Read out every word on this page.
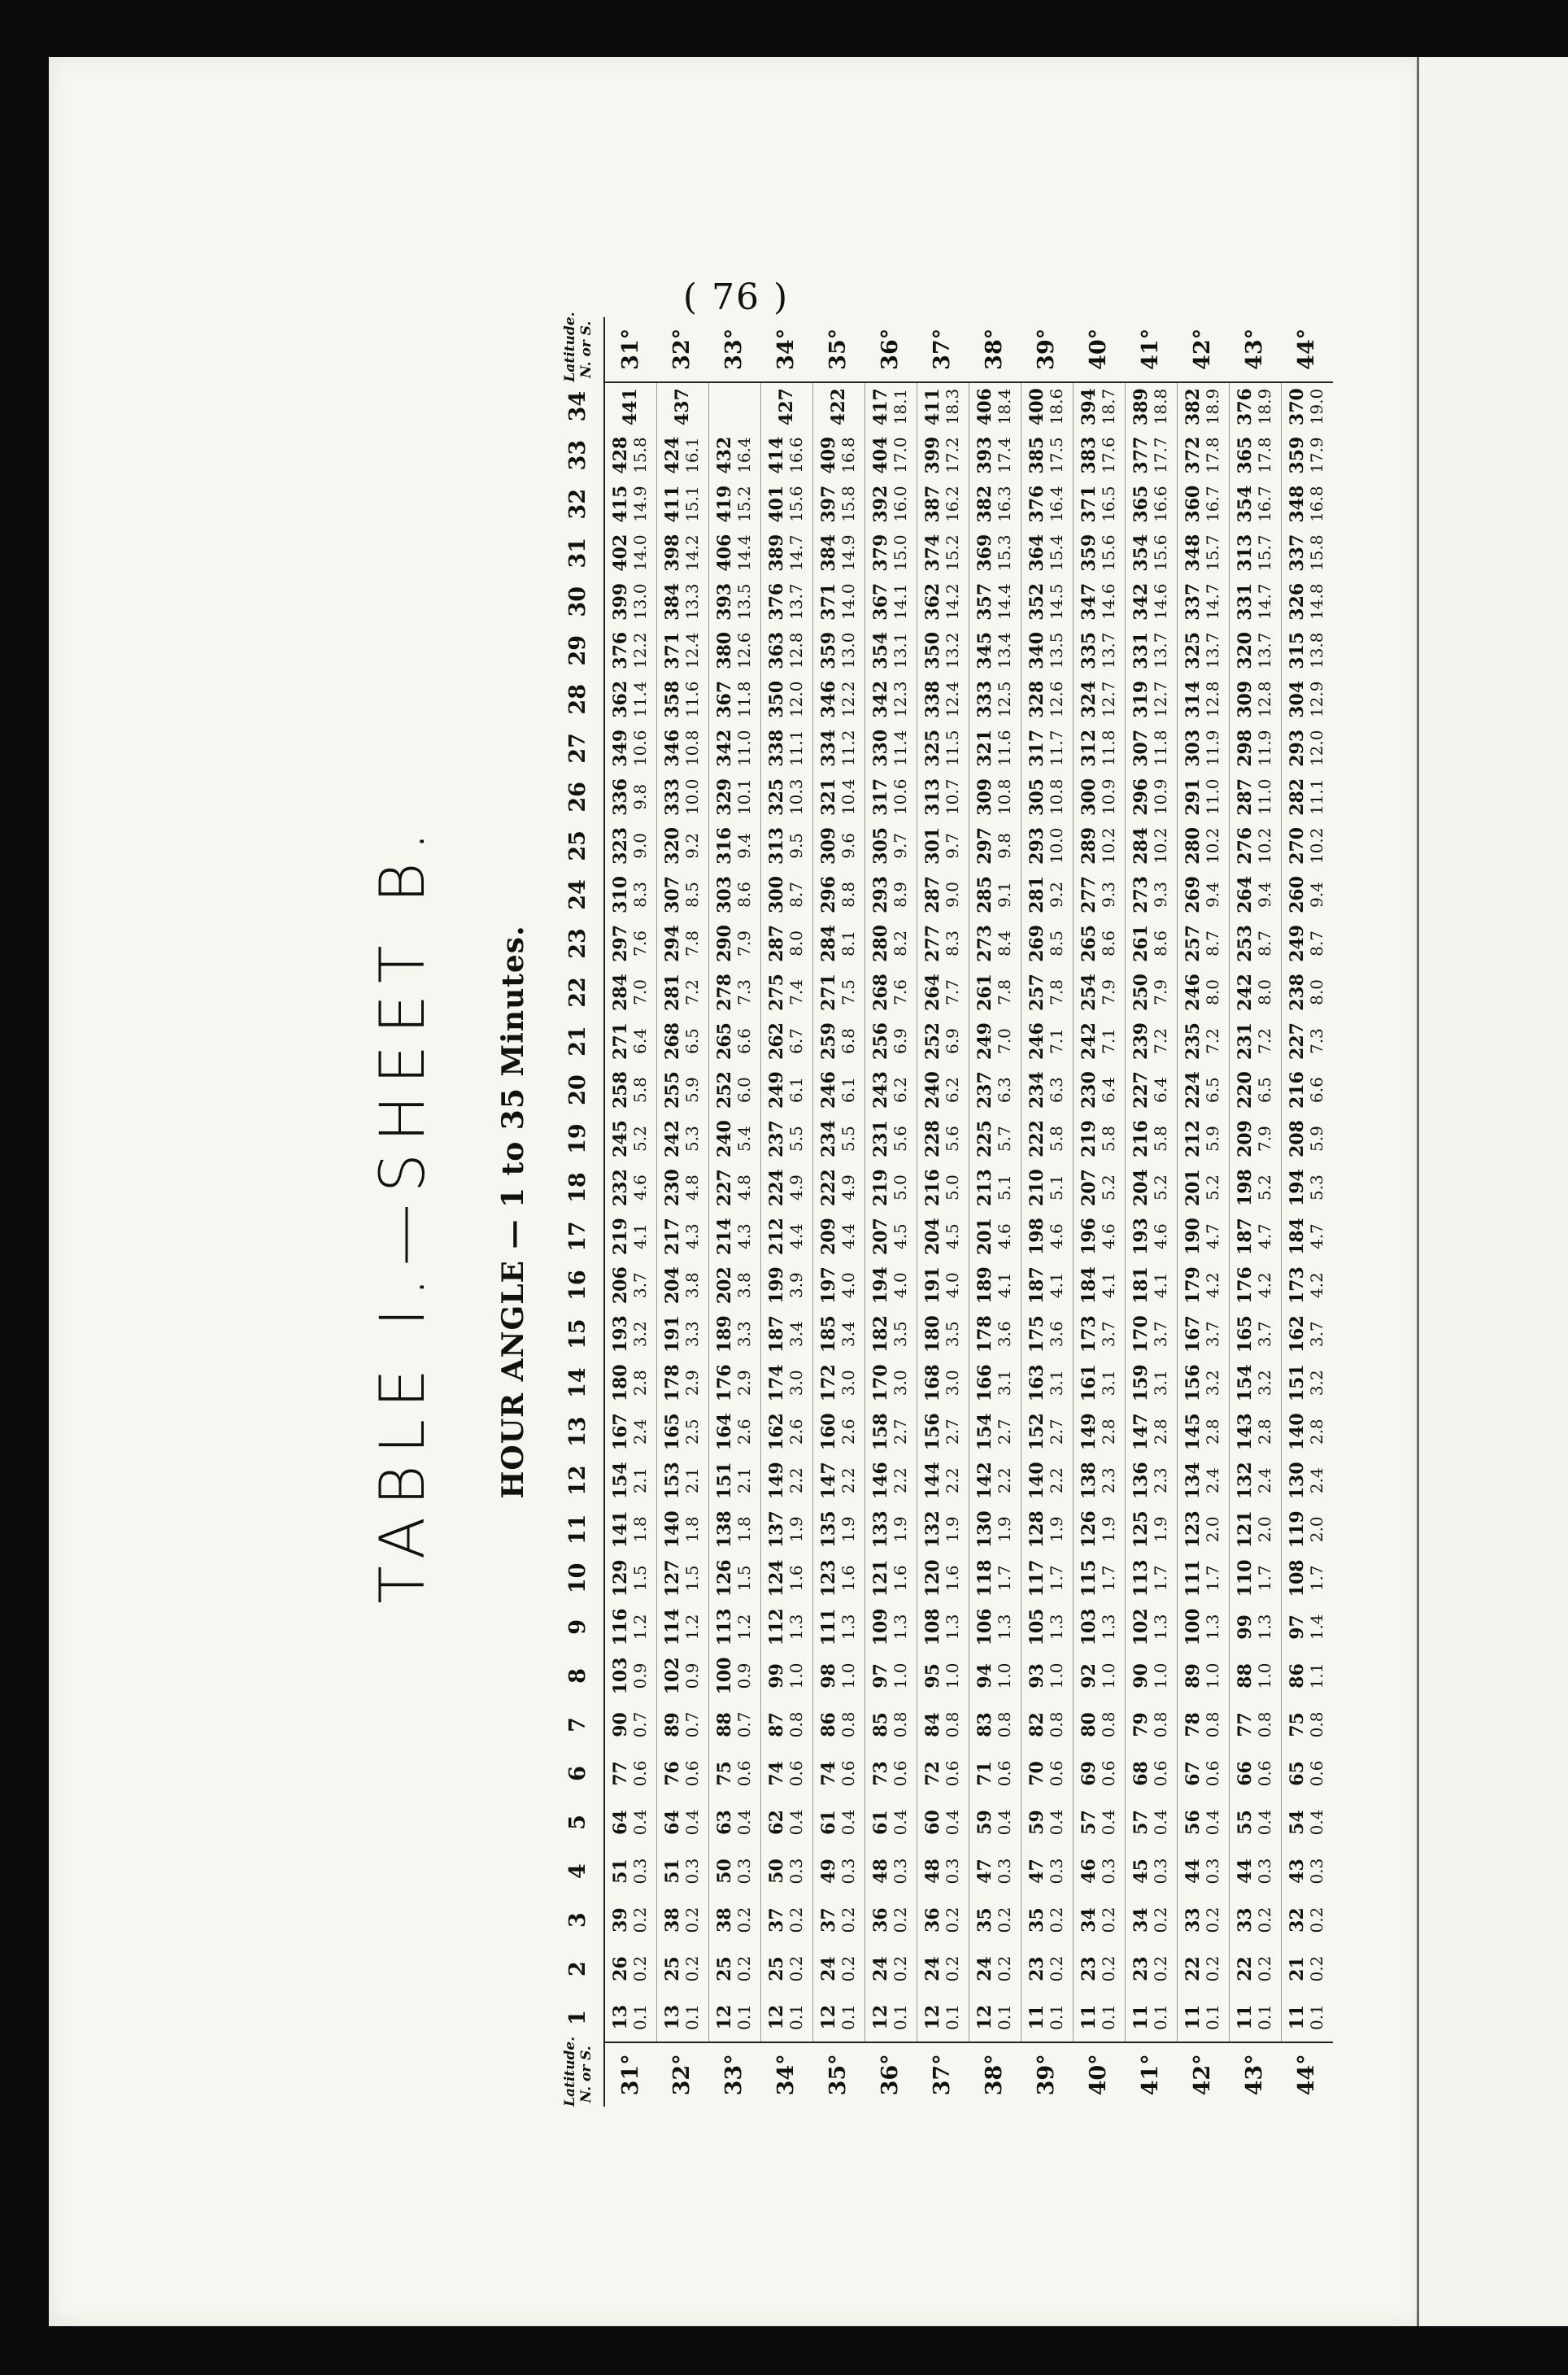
( 76 )
TABLE I.—SHEET B. HOUR ANGLE — 1 to 35 Minutes.
Latitude. N. or S.	1	2	3	4	5	6	7	8	9	10	11	12	13	14	15	16	17	18	19	20	21	22	23	24	25	26	27	28	29	30	31	32	33	34	Latitude. N. or S.

31°	13 0.1	26 0.2	39 0.2	51 0.3	64 0.4	77 0.6	90 0.7	103 0.9	116 1.2	129 1.5	141 1.8	154 2.1	167 2.4	180 2.8	193 3.2	206 3.7	219 4.1	232 4.6	245 5.2	258 5.8	271 6.4	284 7.0	297 7.6	310 8.3	323 9.0	336 9.8	349 10.6	362 11.4	376 12.2	399 13.0	402 14.0	415 14.9	428 15.8	441	31°
32°	13 0.1	25 0.2	38 0.2	51 0.3	64 0.4	76 0.6	89 0.7	102 0.9	114 1.2	127 1.5	140 1.8	153 2.1	165 2.5	178 2.9	191 3.3	204 3.8	217 4.3	230 4.8	242 5.3	255 5.9	268 6.5	281 7.2	294 7.8	307 8.5	320 9.2	333 10.0	346 10.8	358 11.6	371 12.4	384 13.3	398 14.2	411 15.1	424 16.1	437	32°
33°	12 0.1	25 0.2	38 0.2	50 0.3	63 0.4	75 0.6	88 0.7	100 0.9	113 1.2	126 1.5	138 1.8	151 2.1	164 2.6	176 2.9	189 3.3	202 3.8	214 4.3	227 4.8	240 5.4	252 6.0	265 6.6	278 7.3	290 7.9	303 8.6	316 9.4	329 10.1	342 11.0	367 11.8	380 12.6	393 13.5	406 14.4	419 15.2	432 16.4		33°
34°	12 0.1	25 0.2	37 0.2	50 0.3	62 0.4	74 0.6	87 0.8	99 1.0	112 1.3	124 1.6	137 1.9	149 2.2	162 2.6	174 3.0	187 3.4	199 3.9	212 4.4	224 4.9	237 5.5	249 6.1	262 6.7	275 7.4	287 8.0	300 8.7	313 9.5	325 10.3	338 11.1	350 12.0	363 12.8	376 13.7	389 14.7	401 15.6	414 16.6	427	34°
35°	12 0.1	24 0.2	37 0.2	49 0.3	61 0.4	74 0.6	86 0.8	98 1.0	111 1.3	123 1.6	135 1.9	147 2.2	160 2.6	172 3.0	185 3.4	197 4.0	209 4.4	222 4.9	234 5.5	246 6.1	259 6.8	271 7.5	284 8.1	296 8.8	309 9.6	321 10.4	334 11.2	346 12.2	359 13.0	371 14.0	384 14.9	397 15.8	409 16.8	422	35°
36°	12 0.1	24 0.2	36 0.2	48 0.3	61 0.4	73 0.6	85 0.8	97 1.0	109 1.3	121 1.6	133 1.9	146 2.2	158 2.7	170 3.0	182 3.5	194 4.0	207 4.5	219 5.0	231 5.6	243 6.2	256 6.9	268 7.6	280 8.2	293 8.9	305 9.7	317 10.6	330 11.4	342 12.3	354 13.1	367 14.1	379 15.0	392 16.0	404 17.0	417 18.1	36°
37°	12 0.1	24 0.2	36 0.2	48 0.3	60 0.4	72 0.6	84 0.8	95 1.0	108 1.3	120 1.6	132 1.9	144 2.2	156 2.7	168 3.0	180 3.5	191 4.0	204 4.5	216 5.0	228 5.6	240 6.2	252 6.9	264 7.7	277 8.3	287 9.0	301 9.7	313 10.7	325 11.5	338 12.4	350 13.2	362 14.2	374 15.2	387 16.2	399 17.2	411 18.3	37°
38°	12 0.1	24 0.2	35 0.2	47 0.3	59 0.4	71 0.6	83 0.8	94 1.0	106 1.3	118 1.7	130 1.9	142 2.2	154 2.7	166 3.1	178 3.6	189 4.1	201 4.6	213 5.1	225 5.7	237 6.3	249 7.0	261 7.8	273 8.4	285 9.1	297 9.8	309 10.8	321 11.6	333 12.5	345 13.4	357 14.4	369 15.3	382 16.3	393 17.4	406 18.4	38°
39°	11 0.1	23 0.2	35 0.2	47 0.3	59 0.4	70 0.6	82 0.8	93 1.0	105 1.3	117 1.7	128 1.9	140 2.2	152 2.7	163 3.1	175 3.6	187 4.1	198 4.6	210 5.1	222 5.8	234 6.3	246 7.1	257 7.8	269 8.5	281 9.2	293 10.0	305 10.8	317 11.7	328 12.6	340 13.5	352 14.5	364 15.4	376 16.4	385 17.5	400 18.6	39°
40°	11 0.1	23 0.2	34 0.2	46 0.3	57 0.4	69 0.6	80 0.8	92 1.0	103 1.3	115 1.7	126 1.9	138 2.3	149 2.8	161 3.1	173 3.7	184 4.1	196 4.6	207 5.2	219 5.8	230 6.4	242 7.1	254 7.9	265 8.6	277 9.3	289 10.2	300 10.9	312 11.8	324 12.7	335 13.7	347 14.6	359 15.6	371 16.5	383 17.6	394 18.7	40°
41°	11 0.1	23 0.2	34 0.2	45 0.3	57 0.4	68 0.6	79 0.8	90 1.0	102 1.3	113 1.7	125 1.9	136 2.3	147 2.8	159 3.1	170 3.7	181 4.1	193 4.6	204 5.2	216 5.8	227 6.4	239 7.2	250 7.9	261 8.6	273 9.3	284 10.2	296 10.9	307 11.8	319 12.7	331 13.7	342 14.6	354 15.6	365 16.6	377 17.7	389 18.8	41°
42°	11 0.1	22 0.2	33 0.2	44 0.3	56 0.4	67 0.6	78 0.8	89 1.0	100 1.3	111 1.7	123 2.0	134 2.4	145 2.8	156 3.2	167 3.7	179 4.2	190 4.7	201 5.2	212 5.9	224 6.5	235 7.2	246 8.0	257 8.7	269 9.4	280 10.2	291 11.0	303 11.9	314 12.8	325 13.7	337 14.7	348 15.7	360 16.7	372 17.8	382 18.9	42°
43°	11 0.1	22 0.2	33 0.2	44 0.3	55 0.4	66 0.6	77 0.8	88 1.0	99 1.3	110 1.7	121 2.0	132 2.4	143 2.8	154 3.2	165 3.7	176 4.2	187 4.7	198 5.2	209 7.9	220 6.5	231 7.2	242 8.0	253 8.7	264 9.4	276 10.2	287 11.0	298 11.9	309 12.8	320 13.7	331 14.7	313 15.7	354 16.7	365 17.8	376 18.9	43°
44°	11 0.1	21 0.2	32 0.2	43 0.3	54 0.4	65 0.6	75 0.8	86 1.1	97 1.4	108 1.7	119 2.0	130 2.4	140 2.8	151 3.2	162 3.7	173 4.2	184 4.7	194 5.3	208 5.9	216 6.6	227 7.3	238 8.0	249 8.7	260 9.4	270 10.2	282 11.1	293 12.0	304 12.9	315 13.8	326 14.8	337 15.8	348 16.8	359 17.9	370 19.0	44°
